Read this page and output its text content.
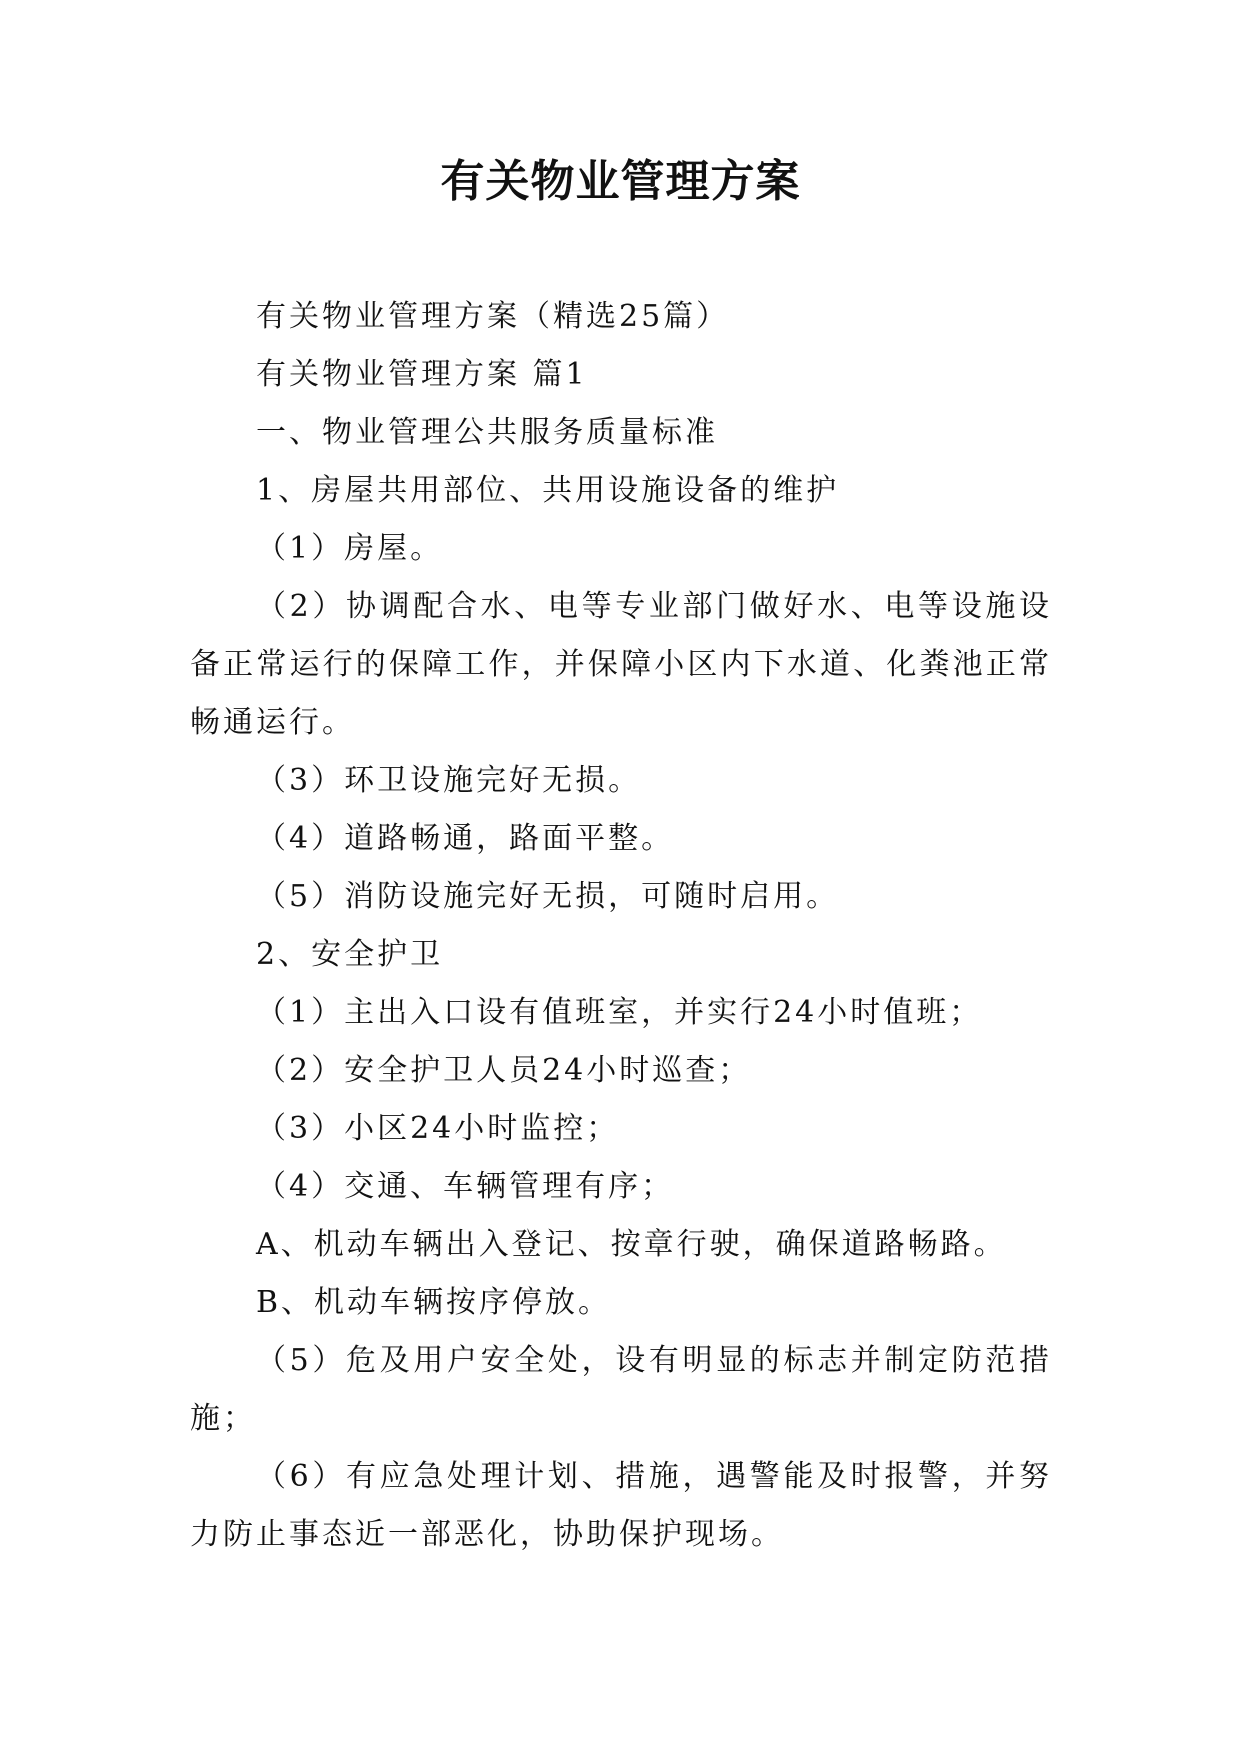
有关物业管理方案

有关物业管理方案（精选25篇）

有关物业管理方案 篇1

一、物业管理公共服务质量标准

1、房屋共用部位、共用设施设备的维护

（1）房屋。

（2）协调配合水、电等专业部门做好水、电等设施设备正常运行的保障工作，并保障小区内下水道、化粪池正常畅通运行。

（3）环卫设施完好无损。

（4）道路畅通，路面平整。

（5）消防设施完好无损，可随时启用。

2、安全护卫

（1）主出入口设有值班室，并实行24小时值班；

（2）安全护卫人员24小时巡查；

（3）小区24小时监控；

（4）交通、车辆管理有序；

A、机动车辆出入登记、按章行驶，确保道路畅路。

B、机动车辆按序停放。

（5）危及用户安全处，设有明显的标志并制定防范措施；

（6）有应急处理计划、措施，遇警能及时报警，并努力防止事态近一部恶化，协助保护现场。
